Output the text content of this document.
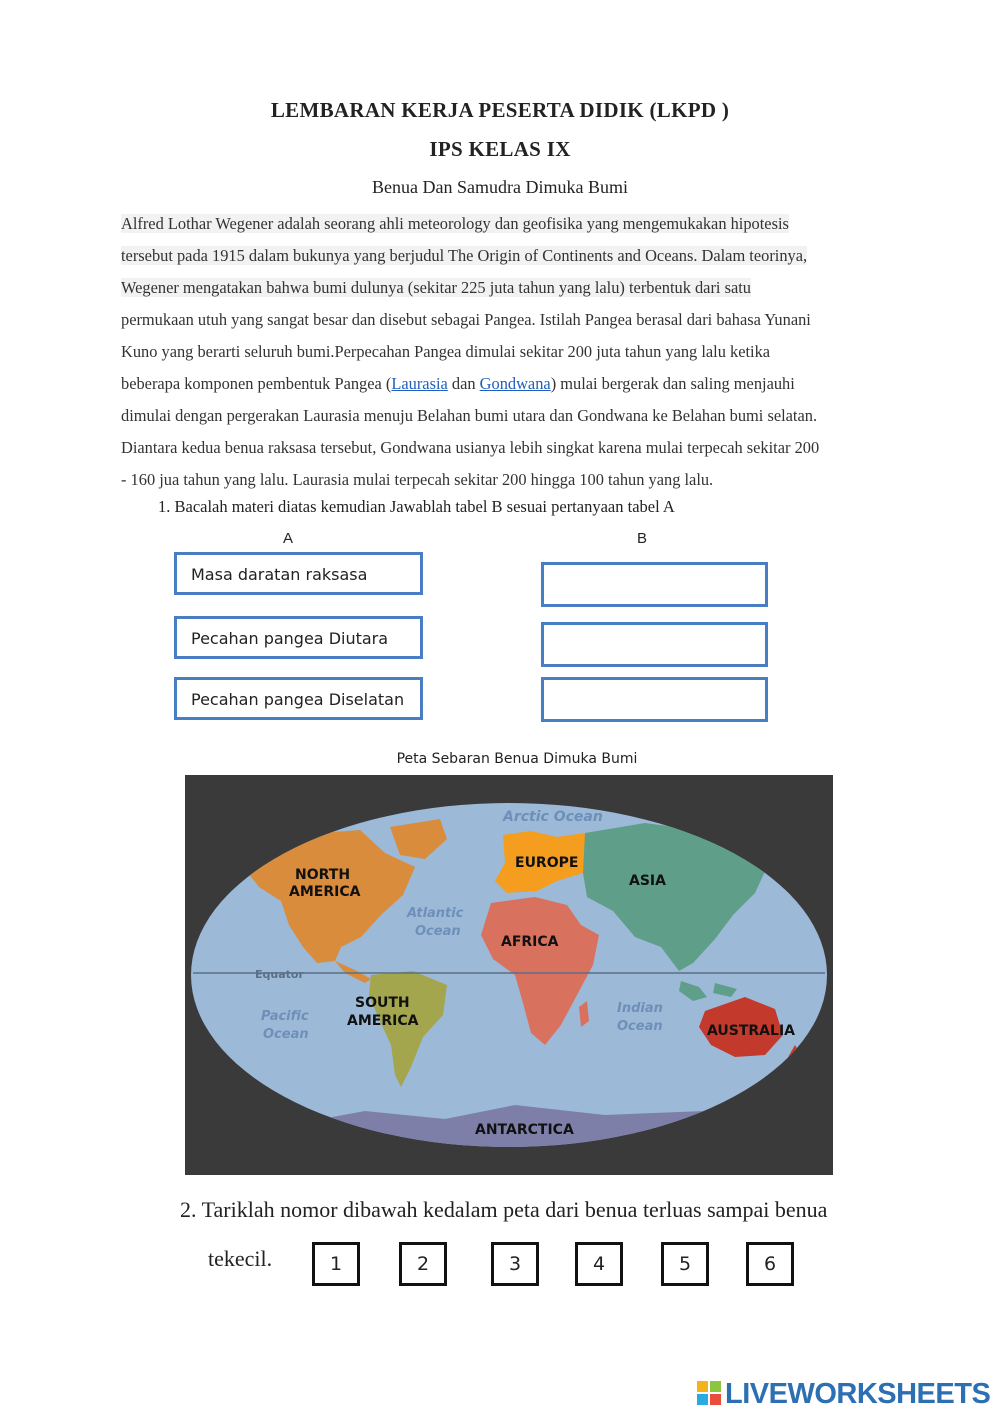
LEMBARAN KERJA PESERTA DIDIK (LKPD )
IPS KELAS IX
Benua Dan Samudra Dimuka Bumi
Alfred Lothar Wegener adalah seorang ahli meteorology dan geofisika yang mengemukakan hipotesis
tersebut pada 1915 dalam bukunya yang berjudul The Origin of Continents and Oceans. Dalam teorinya,
Wegener mengatakan bahwa bumi dulunya (sekitar 225 juta tahun yang lalu) terbentuk dari satu
permukaan utuh yang sangat besar dan disebut sebagai Pangea. Istilah Pangea berasal dari bahasa Yunani
Kuno yang berarti seluruh bumi.Perpecahan Pangea dimulai sekitar 200 juta tahun yang lalu ketika
beberapa komponen pembentuk Pangea (Laurasia dan Gondwana) mulai bergerak dan saling menjauhi
dimulai dengan pergerakan Laurasia menuju Belahan bumi utara dan Gondwana ke Belahan bumi selatan.
Diantara kedua benua raksasa tersebut, Gondwana usianya lebih singkat karena mulai terpecah sekitar 200
- 160 jua tahun yang lalu. Laurasia mulai terpecah sekitar 200 hingga 100 tahun yang lalu.
1. Bacalah materi diatas kemudian Jawablah tabel B sesuai pertanyaan tabel A
A	B
Masa daratan raksasa
Pecahan pangea Diutara
Pecahan pangea Diselatan
Peta Sebaran Benua Dimuka Bumi
Arctic Ocean
NORTH
AMERICA
EUROPE
ASIA
Atlantic
Ocean
AFRICA
Equator
Pacific
Ocean
SOUTH
AMERICA
Indian
Ocean	AUSTRALIA
ANTARCTICA
2. Tariklah nomor dibawah kedalam peta dari benua terluas sampai benua
tekecil.	1	2	3	4	5	6
LIVEWORKSHEETS
